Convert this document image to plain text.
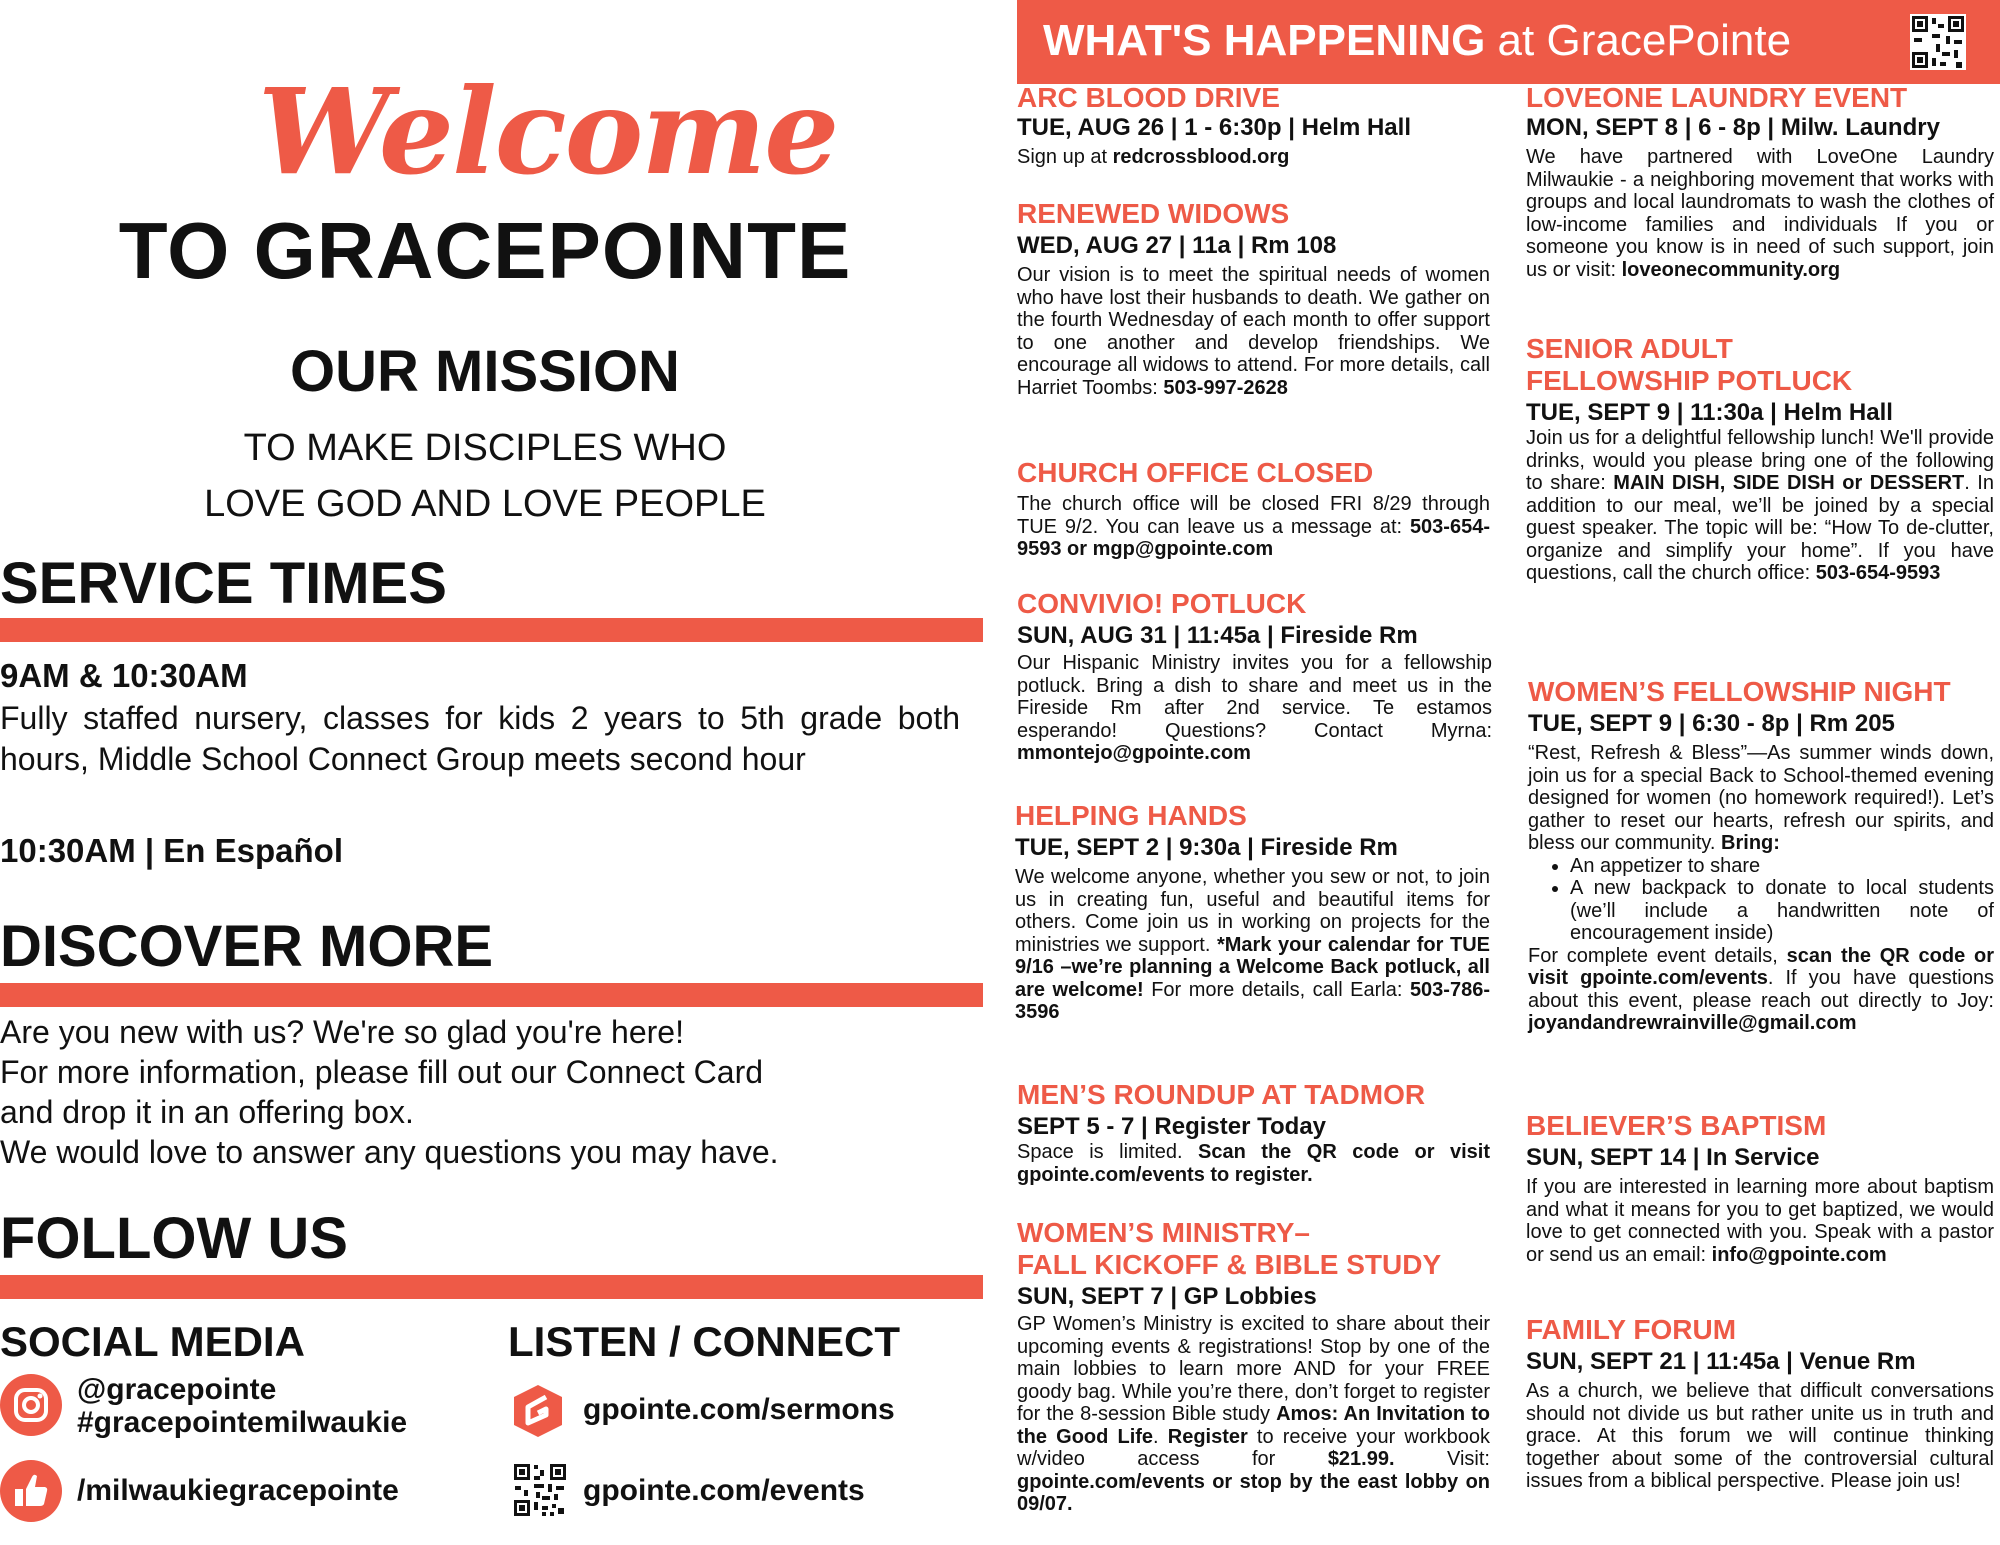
Welcome
TO GRACEPOINTE
OUR MISSION
TO MAKE DISCIPLES WHO
LOVE GOD AND LOVE PEOPLE
SERVICE TIMES
9AM & 10:30AM
Fully staffed nursery, classes for kids 2 years to 5th grade both hours, Middle School Connect Group meets second hour
10:30AM | En Español
DISCOVER MORE
Are you new with us? We're so glad you're here!
For more information, please fill out our Connect Card
and drop it in an offering box.
We would love to answer any questions you may have.
FOLLOW US
SOCIAL MEDIA
@gracepointe
#gracepointemilwaukie
/milwaukiegracepointe
LISTEN / CONNECT
gpointe.com/sermons
gpointe.com/events
WHAT'S HAPPENING at GracePointe
ARC BLOOD DRIVE
TUE, AUG 26 | 1 - 6:30p | Helm Hall
Sign up at redcrossblood.org
RENEWED WIDOWS
WED, AUG 27 | 11a | Rm 108
Our vision is to meet the spiritual needs of women who have lost their husbands to death. We gather on the fourth Wednesday of each month to offer support to one another and develop friendships. We encourage all widows to attend. For more details, call Harriet Toombs: 503-997-2628
CHURCH OFFICE CLOSED
The church office will be closed FRI 8/29 through TUE 9/2. You can leave us a message at: 503-654-9593 or mgp@gpointe.com
CONVIVIO! POTLUCK
SUN, AUG 31 | 11:45a | Fireside Rm
Our Hispanic Ministry invites you for a fellowship potluck. Bring a dish to share and meet us in the Fireside Rm after 2nd service. Te estamos esperando! Questions? Contact Myrna: mmontejo@gpointe.com
HELPING HANDS
TUE, SEPT 2 | 9:30a | Fireside Rm
We welcome anyone, whether you sew or not, to join us in creating fun, useful and beautiful items for others. Come join us in working on projects for the ministries we support. *Mark your calendar for TUE 9/16 –we’re planning a Welcome Back potluck, all are welcome! For more details, call Earla: 503-786-3596
MEN’S ROUNDUP AT TADMOR
SEPT 5 - 7 | Register Today
Space is limited. Scan the QR code or visit gpointe.com/events to register.
WOMEN’S MINISTRY–
FALL KICKOFF & BIBLE STUDY
SUN, SEPT 7 | GP Lobbies
GP Women’s Ministry is excited to share about their upcoming events & registrations! Stop by one of the main lobbies to learn more AND for your FREE goody bag. While you’re there, don’t forget to register for the 8-session Bible study Amos: An Invitation to the Good Life. Register to receive your workbook w/video access for $21.99. Visit: gpointe.com/events or stop by the east lobby on 09/07.
LOVEONE LAUNDRY EVENT
MON, SEPT 8 | 6 - 8p | Milw. Laundry
We have partnered with LoveOne Laundry Milwaukie - a neighboring movement that works with groups and local laundromats to wash the clothes of low-income families and individuals If you or someone you know is in need of such support, join us or visit: loveonecommunity.org
SENIOR ADULT
FELLOWSHIP POTLUCK
TUE, SEPT 9 | 11:30a | Helm Hall
Join us for a delightful fellowship lunch! We'll provide drinks, would you please bring one of the following to share: MAIN DISH, SIDE DISH or DESSERT. In addition to our meal, we’ll be joined by a special guest speaker. The topic will be: “How To de-clutter, organize and simplify your home”. If you have questions, call the church office: 503-654-9593
WOMEN’S FELLOWSHIP NIGHT
TUE, SEPT 9 | 6:30 - 8p | Rm 205
“Rest, Refresh & Bless”—As summer winds down, join us for a special Back to School-themed evening designed for women (no homework required!). Let’s gather to reset our hearts, refresh our spirits, and bless our community. Bring:
• An appetizer to share
• A new backpack to donate to local students (we’ll include a handwritten note of encouragement inside)
For complete event details, scan the QR code or visit gpointe.com/events. If you have questions about this event, please reach out directly to Joy: joyandandrewrainville@gmail.com
BELIEVER’S BAPTISM
SUN, SEPT 14 | In Service
If you are interested in learning more about baptism and what it means for you to get baptized, we would love to get connected with you. Speak with a pastor or send us an email: info@gpointe.com
FAMILY FORUM
SUN, SEPT 21 | 11:45a | Venue Rm
As a church, we believe that difficult conversations should not divide us but rather unite us in truth and grace. At this forum we will continue thinking together about some of the controversial cultural issues from a biblical perspective. Please join us!
